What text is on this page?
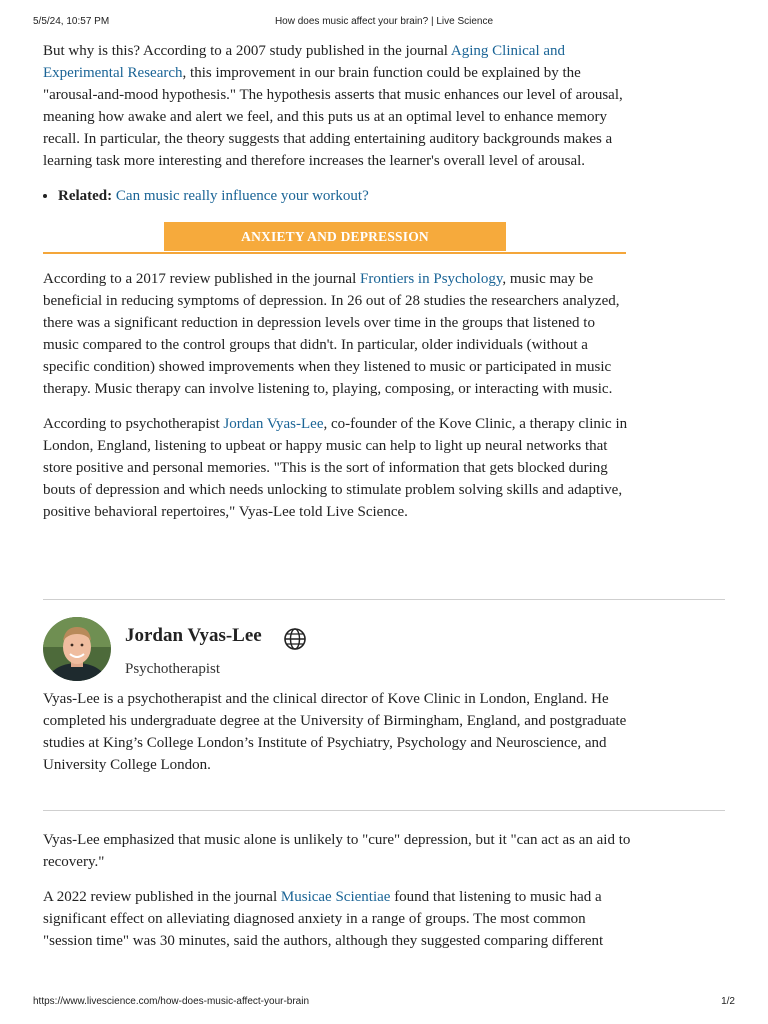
5/5/24, 10:57 PM	How does music affect your brain? | Live Science

But why is this? According to a 2007 study published in the journal Aging Clinical and Experimental Research, this improvement in our brain function could be explained by the "arousal-and-mood hypothesis." The hypothesis asserts that music enhances our level of arousal, meaning how awake and alert we feel, and this puts us at an optimal level to enhance memory recall. In particular, the theory suggests that adding entertaining auditory backgrounds makes a learning task more interesting and therefore increases the learner's overall level of arousal.

• Related: Can music really influence your workout?
ANXIETY AND DEPRESSION

According to a 2017 review published in the journal Frontiers in Psychology, music may be beneficial in reducing symptoms of depression. In 26 out of 28 studies the researchers analyzed, there was a significant reduction in depression levels over time in the groups that listened to music compared to the control groups that didn't. In particular, older individuals (without a specific condition) showed improvements when they listened to music or participated in music therapy. Music therapy can involve listening to, playing, composing, or interacting with music.

According to psychotherapist Jordan Vyas-Lee, co-founder of the Kove Clinic, a therapy clinic in London, England, listening to upbeat or happy music can help to light up neural networks that store positive and personal memories. "This is the sort of information that gets blocked during bouts of depression and which needs unlocking to stimulate problem solving skills and adaptive, positive behavioral repertoires," Vyas-Lee told Live Science.

Jordan Vyas-Lee
Psychotherapist

Vyas-Lee is a psychotherapist and the clinical director of Kove Clinic in London, England. He completed his undergraduate degree at the University of Birmingham, England, and postgraduate studies at King’s College London’s Institute of Psychiatry, Psychology and Neuroscience, and University College London.

Vyas-Lee emphasized that music alone is unlikely to "cure" depression, but it "can act as an aid to recovery."

A 2022 review published in the journal Musicae Scientiae found that listening to music had a significant effect on alleviating diagnosed anxiety in a range of groups. The most common "session time" was 30 minutes, said the authors, although they suggested comparing different

https://www.livescience.com/how-does-music-affect-your-brain	1/2
